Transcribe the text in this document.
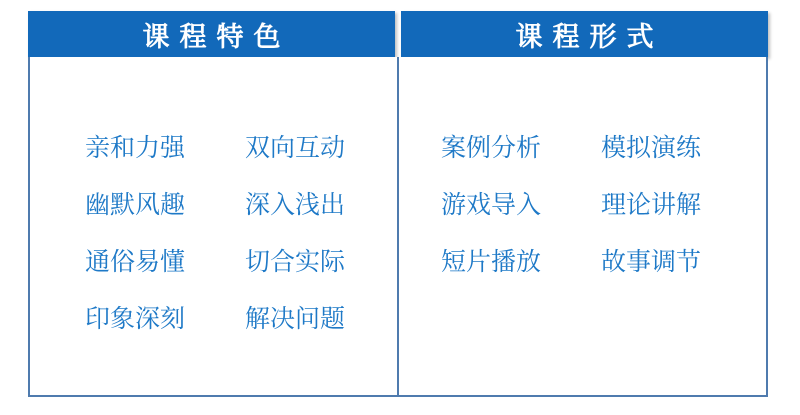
课程特色	课程形式
亲和力强 双向互动
幽默风趣 深入浅出
通俗易懂 切合实际
印象深刻 解决问题
案例分析 模拟演练
游戏导入 理论讲解
短片播放 故事调节
